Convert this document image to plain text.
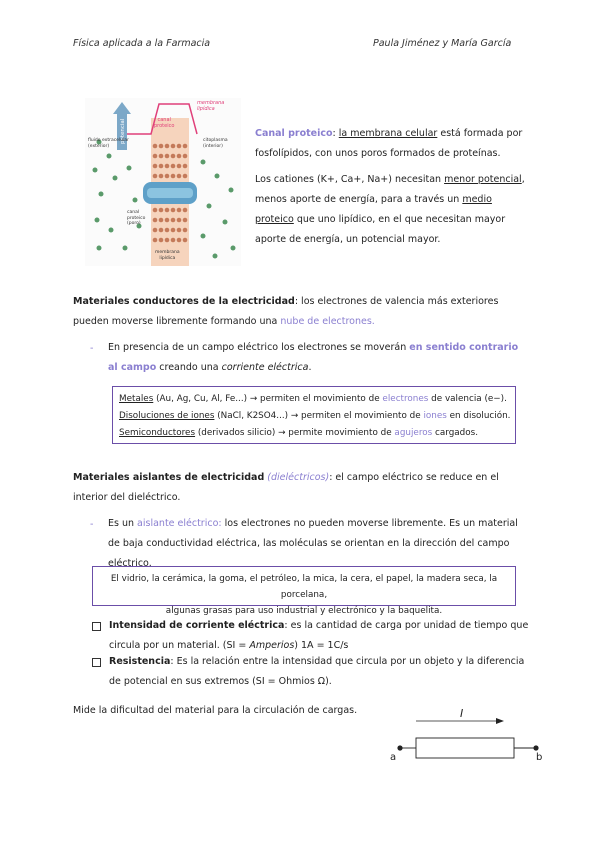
Física aplicada a la Farmacia	Paula Jiménez y María García
potencial
membrana
lipídica
canal
proteico
fluido extracelular
(exterior)
citoplasma
(interior)
canal
proteico
(poro)
membrana
lipídica
Canal proteico: la membrana celular está formada por fosfolípidos, con unos poros formados de proteínas.
Los cationes (K+, Ca+, Na+) necesitan menor potencial, menos aporte de energía, para a través un medio proteico que uno lipídico, en el que necesitan mayor aporte de energía, un potencial mayor.
Materiales conductores de la electricidad: los electrones de valencia más exteriores pueden moverse libremente formando una nube de electrones.
- En presencia de un campo eléctrico los electrones se moverán en sentido contrario al campo creando una corriente eléctrica.
Metales (Au, Ag, Cu, Al, Fe...) → permiten el movimiento de electrones de valencia (e−).
Disoluciones de iones (NaCl, K2SO4...) → permiten el movimiento de iones en disolución.
Semiconductores (derivados silicio) → permite movimiento de agujeros cargados.
Materiales aislantes de electricidad (dieléctricos): el campo eléctrico se reduce en el interior del dieléctrico.
- Es un aislante eléctrico: los electrones no pueden moverse libremente. Es un material de baja conductividad eléctrica, las moléculas se orientan en la dirección del campo eléctrico.
El vidrio, la cerámica, la goma, el petróleo, la mica, la cera, el papel, la madera seca, la porcelana,
algunas grasas para uso industrial y electrónico y la baquelita.
Intensidad de corriente eléctrica: es la cantidad de carga por unidad de tiempo que circula por un material. (SI = Amperios) 1A = 1C/s
Resistencia: Es la relación entre la intensidad que circula por un objeto y la diferencia de potencial en sus extremos (SI = Ohmios Ω).
Mide la dificultad del material para la circulación de cargas.	I
a	b
